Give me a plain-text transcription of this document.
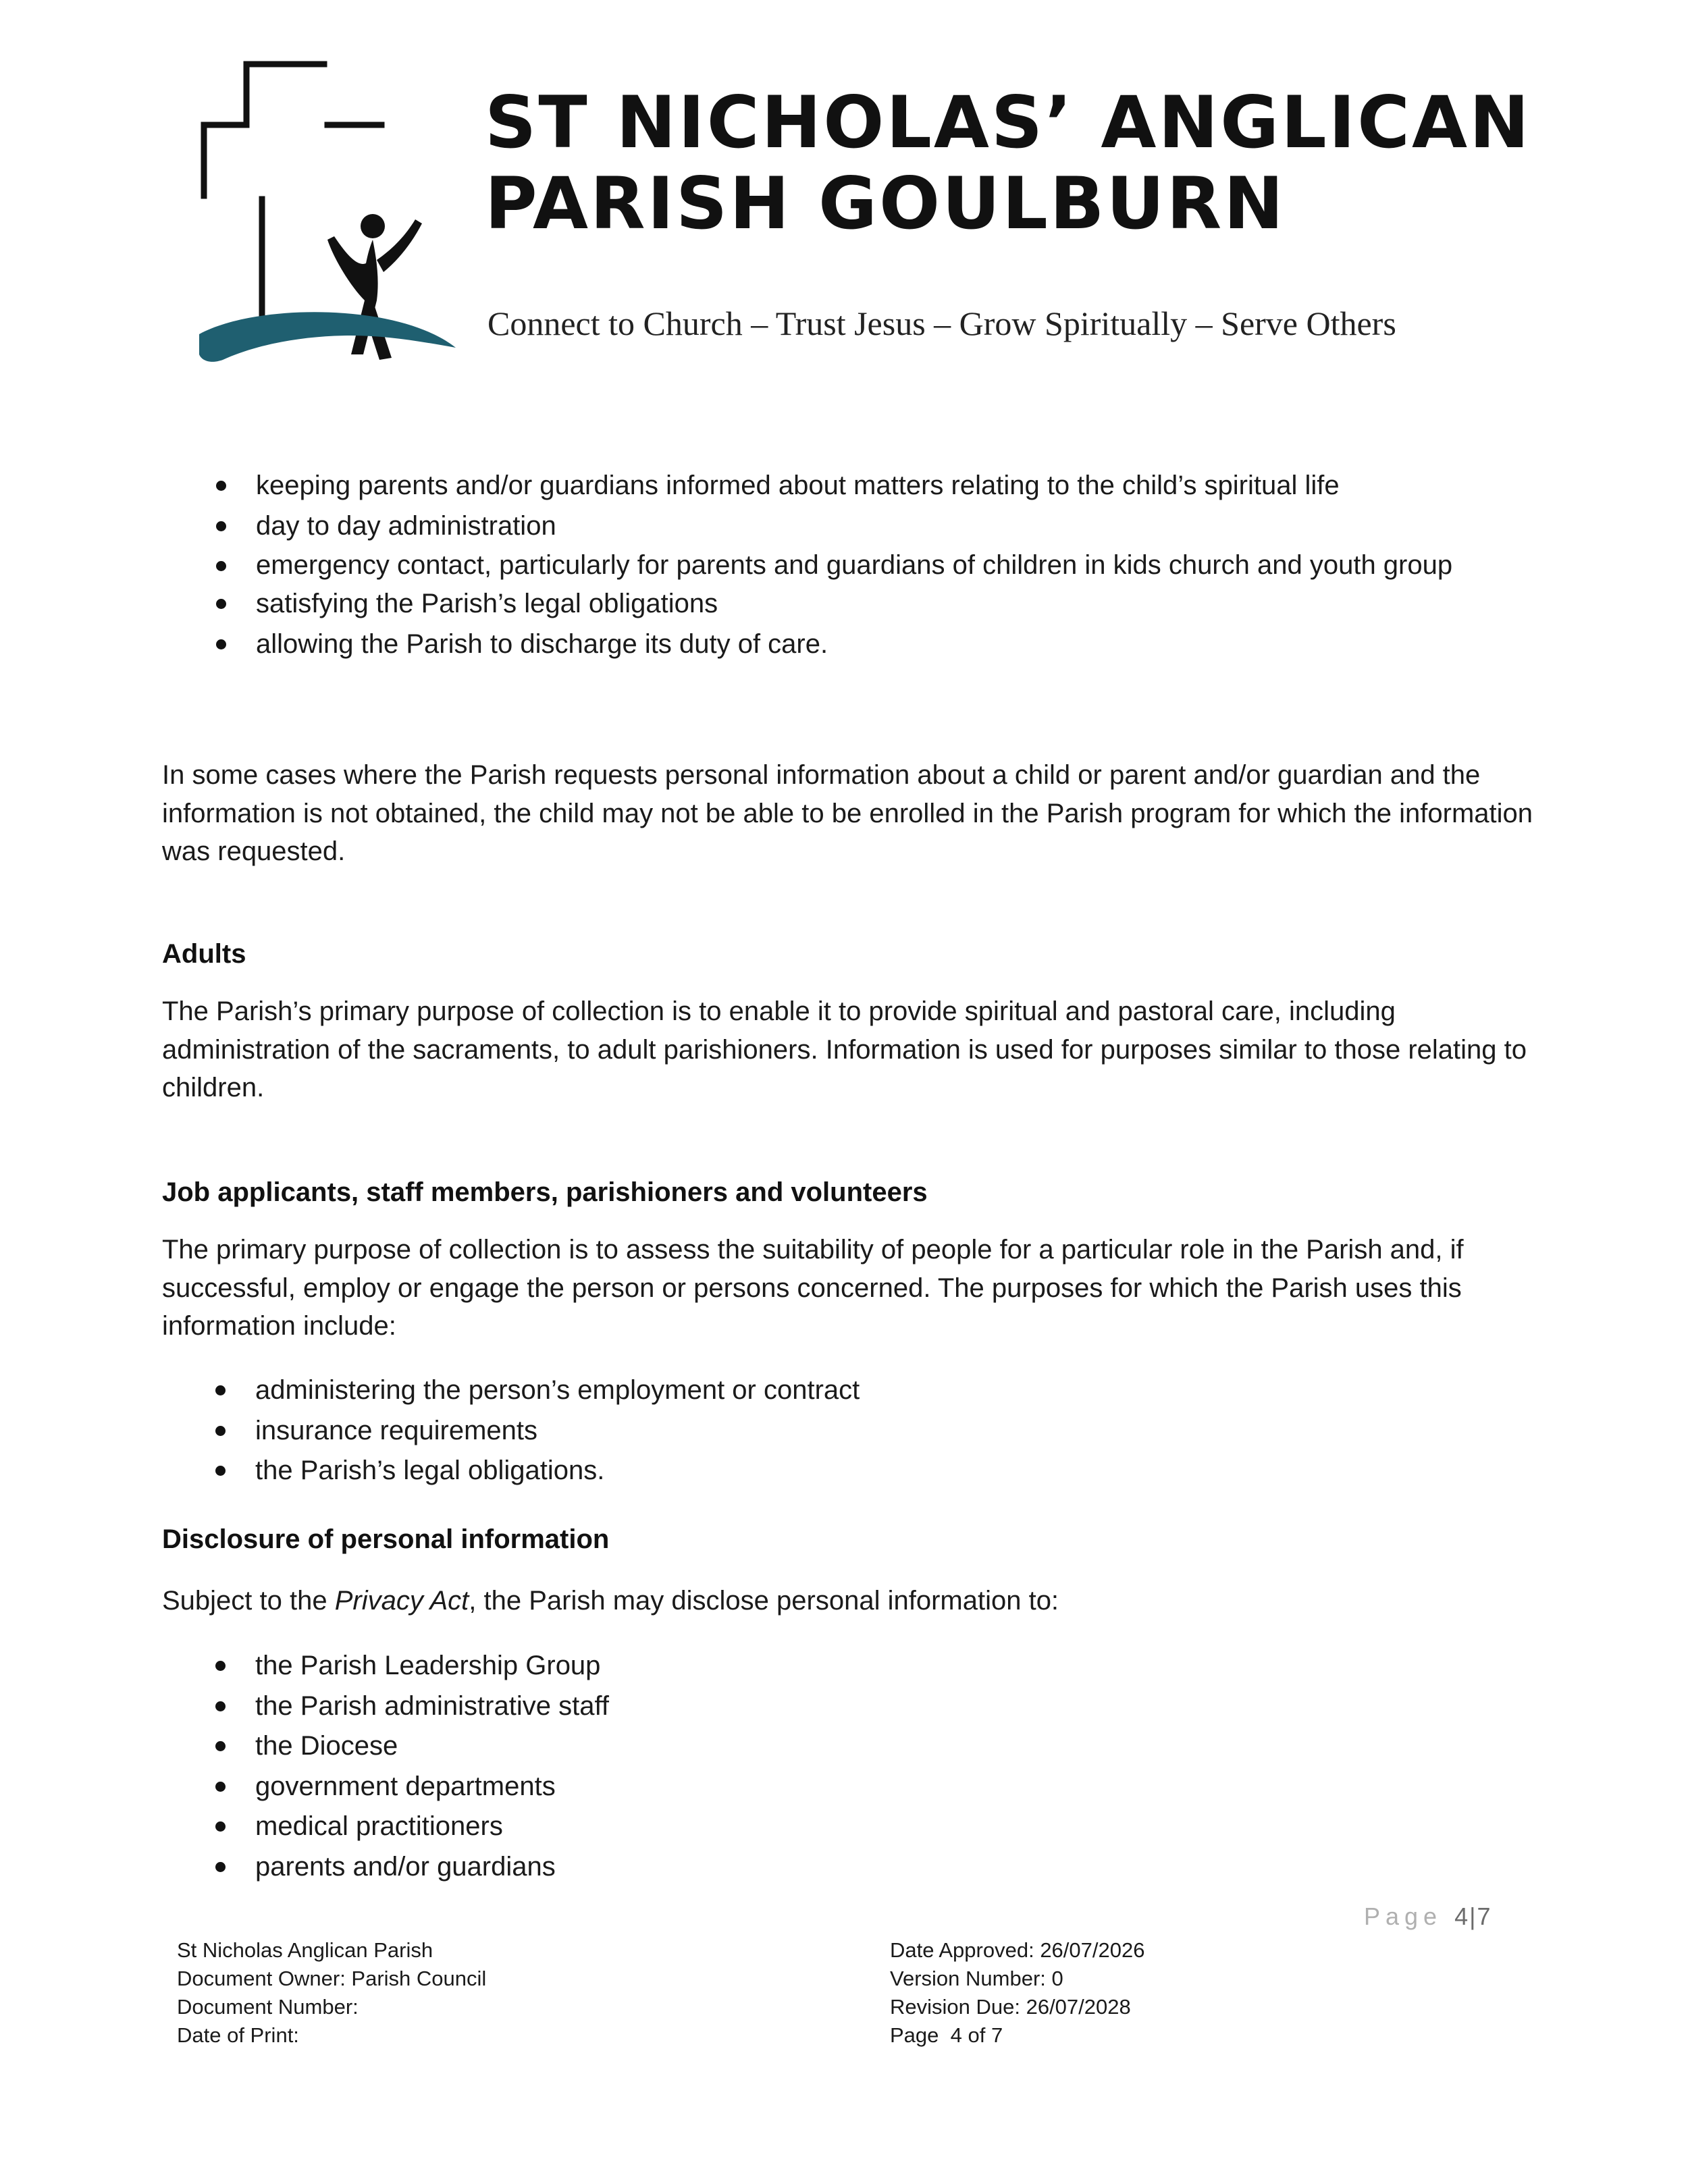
ST NICHOLAS’ ANGLICAN
PARISH GOULBURN

Connect to Church – Trust Jesus – Grow Spiritually – Serve Others

keeping parents and/or guardians informed about matters relating to the child’s spiritual life
day to day administration
emergency contact, particularly for parents and guardians of children in kids church and youth group
satisfying the Parish’s legal obligations
allowing the Parish to discharge its duty of care.

In some cases where the Parish requests personal information about a child or parent and/or guardian and the information is not obtained, the child may not be able to be enrolled in the Parish program for which the information was requested.

Adults

The Parish’s primary purpose of collection is to enable it to provide spiritual and pastoral care, including administration of the sacraments, to adult parishioners. Information is used for purposes similar to those relating to children.

Job applicants, staff members, parishioners and volunteers

The primary purpose of collection is to assess the suitability of people for a particular role in the Parish and, if successful, employ or engage the person or persons concerned. The purposes for which the Parish uses this information include:

administering the person’s employment or contract
insurance requirements
the Parish’s legal obligations.
Disclosure of personal information

Subject to the Privacy Act, the Parish may disclose personal information to:

the Parish Leadership Group
the Parish administrative staff
the Diocese
government departments
medical practitioners
parents and/or guardians
Page 4|7
St Nicholas Anglican Parish
Document Owner: Parish Council
Document Number:
Date of Print:
Date Approved: 26/07/2026
Version Number: 0
Revision Due: 26/07/2028
Page  4 of 7
